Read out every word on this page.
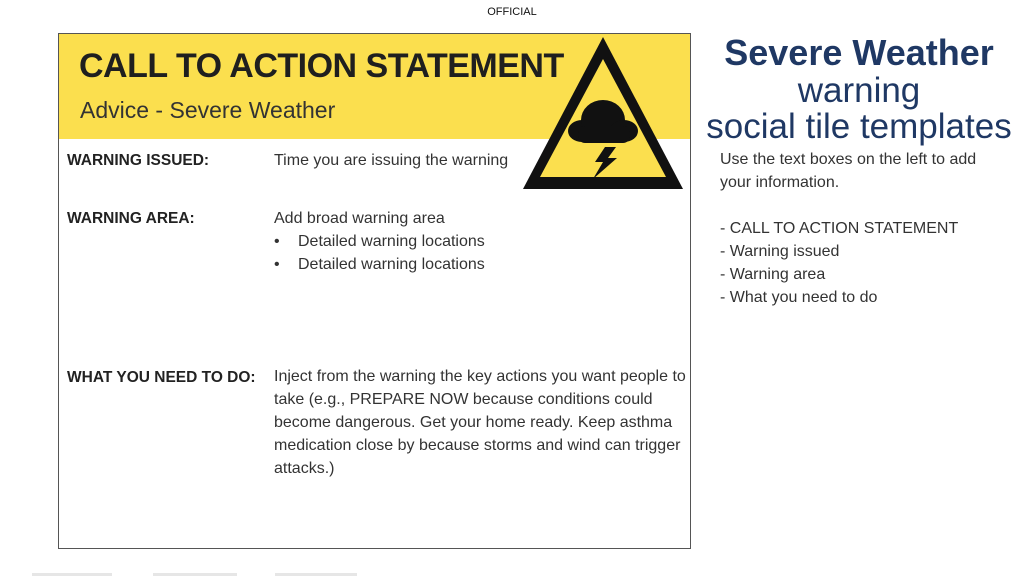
OFFICIAL
CALL TO ACTION STATEMENT
Advice - Severe Weather
WARNING ISSUED:	Time you are issuing the warning
WARNING AREA:	Add broad warning area
• Detailed warning locations
• Detailed warning locations
WHAT YOU NEED TO DO: Inject from the warning the key actions you want people to take (e.g., PREPARE NOW because conditions could become dangerous. Get your home ready. Keep asthma medication close by because storms and wind can trigger attacks.)
Severe Weather
warning
social tile templates
Use the text boxes on the left to add your information.
- CALL TO ACTION STATEMENT
- Warning issued
- Warning area
- What you need to do
